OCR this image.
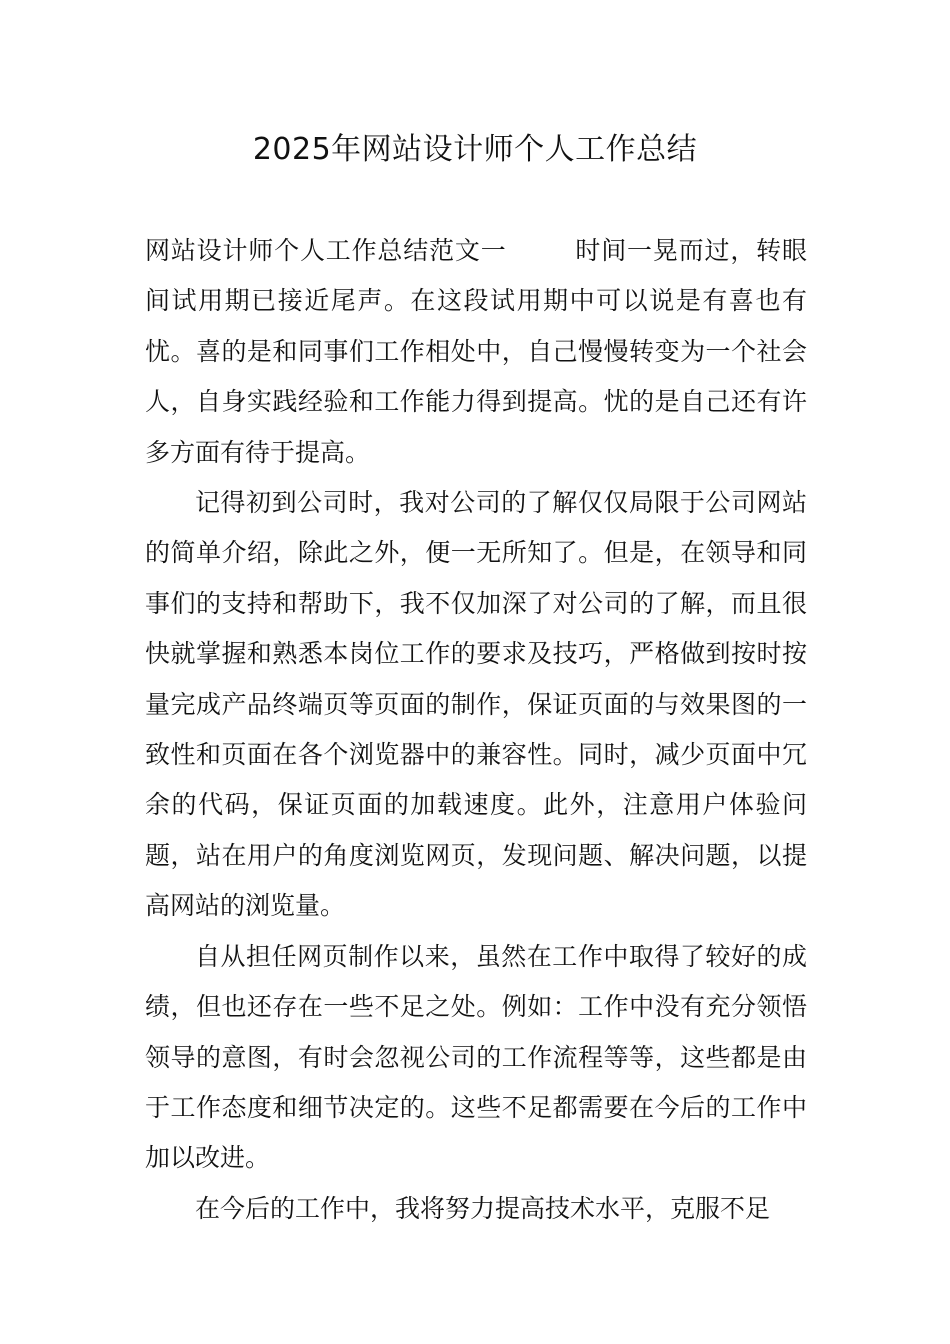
2025年网站设计师个人工作总结

网站设计师个人工作总结范文一	时间一晃而过，转眼间试用期已接近尾声。在这段试用期中可以说是有喜也有忧。喜的是和同事们工作相处中，自己慢慢转变为一个社会人，自身实践经验和工作能力得到提高。忧的是自己还有许多方面有待于提高。

记得初到公司时，我对公司的了解仅仅局限于公司网站的简单介绍，除此之外，便一无所知了。但是，在领导和同事们的支持和帮助下，我不仅加深了对公司的了解，而且很快就掌握和熟悉本岗位工作的要求及技巧，严格做到按时按量完成产品终端页等页面的制作，保证页面的与效果图的一致性和页面在各个浏览器中的兼容性。同时，减少页面中冗余的代码，保证页面的加载速度。此外，注意用户体验问题，站在用户的角度浏览网页，发现问题、解决问题，以提高网站的浏览量。

自从担任网页制作以来，虽然在工作中取得了较好的成绩，但也还存在一些不足之处。例如：工作中没有充分领悟领导的意图，有时会忽视公司的工作流程等等，这些都是由于工作态度和细节决定的。这些不足都需要在今后的工作中加以改进。

在今后的工作中，我将努力提高技术水平，克服不足
